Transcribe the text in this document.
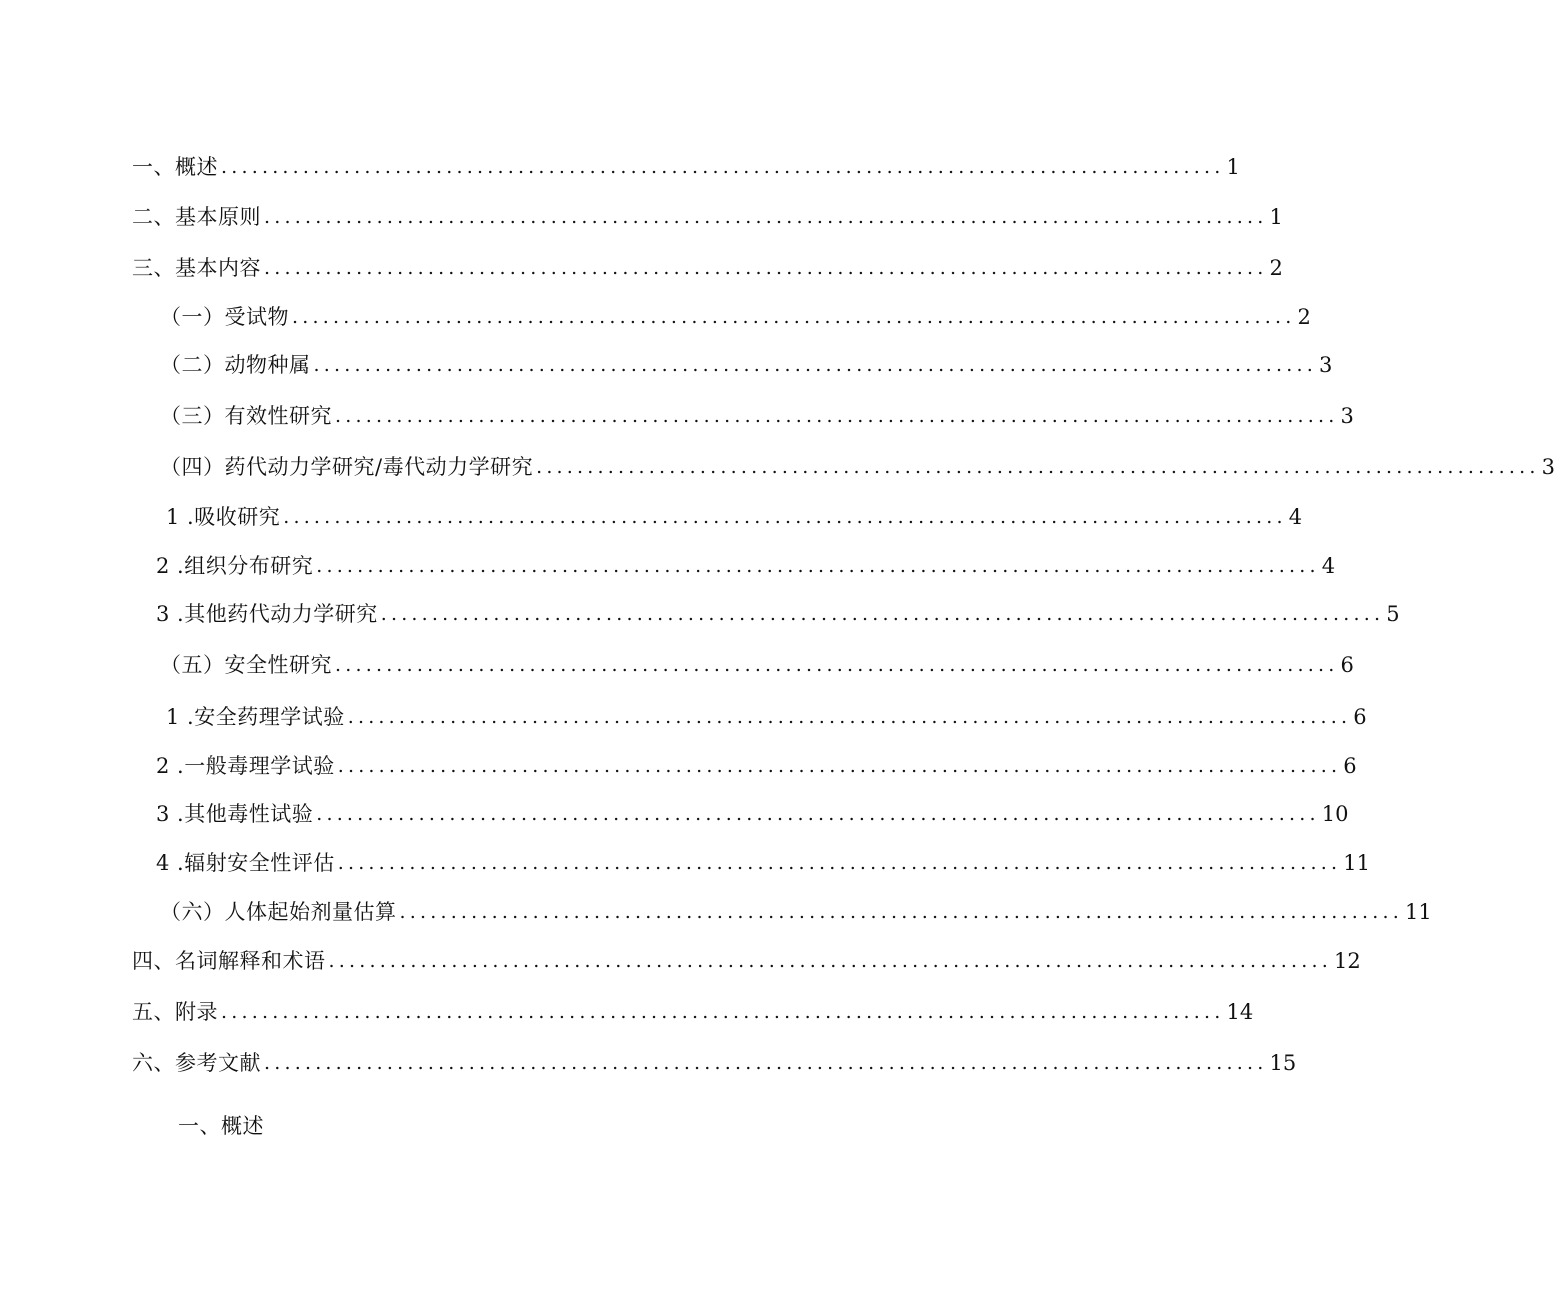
一、概述 .................................................................................................. 1
二、基本原则 .................................................................................................. 1
三、基本内容 .................................................................................................. 2
（一）受试物 .................................................................................................. 2
（二）动物种属 .................................................................................................. 3
（三）有效性研究 .................................................................................................. 3
（四）药代动力学研究/毒代动力学研究 .................................................................................................. 3
1 .吸收研究 .................................................................................................. 4
2 .组织分布研究 .................................................................................................. 4
3 .其他药代动力学研究 .................................................................................................. 5
（五）安全性研究 .................................................................................................. 6
1 .安全药理学试验 .................................................................................................. 6
2 .一般毒理学试验 .................................................................................................. 6
3 .其他毒性试验 .................................................................................................. 10
4 .辐射安全性评估 .................................................................................................. 11
（六）人体起始剂量估算 .................................................................................................. 11
四、名词解释和术语 .................................................................................................. 12
五、附录 .................................................................................................. 14
六、参考文献 .................................................................................................. 15
一、概述
